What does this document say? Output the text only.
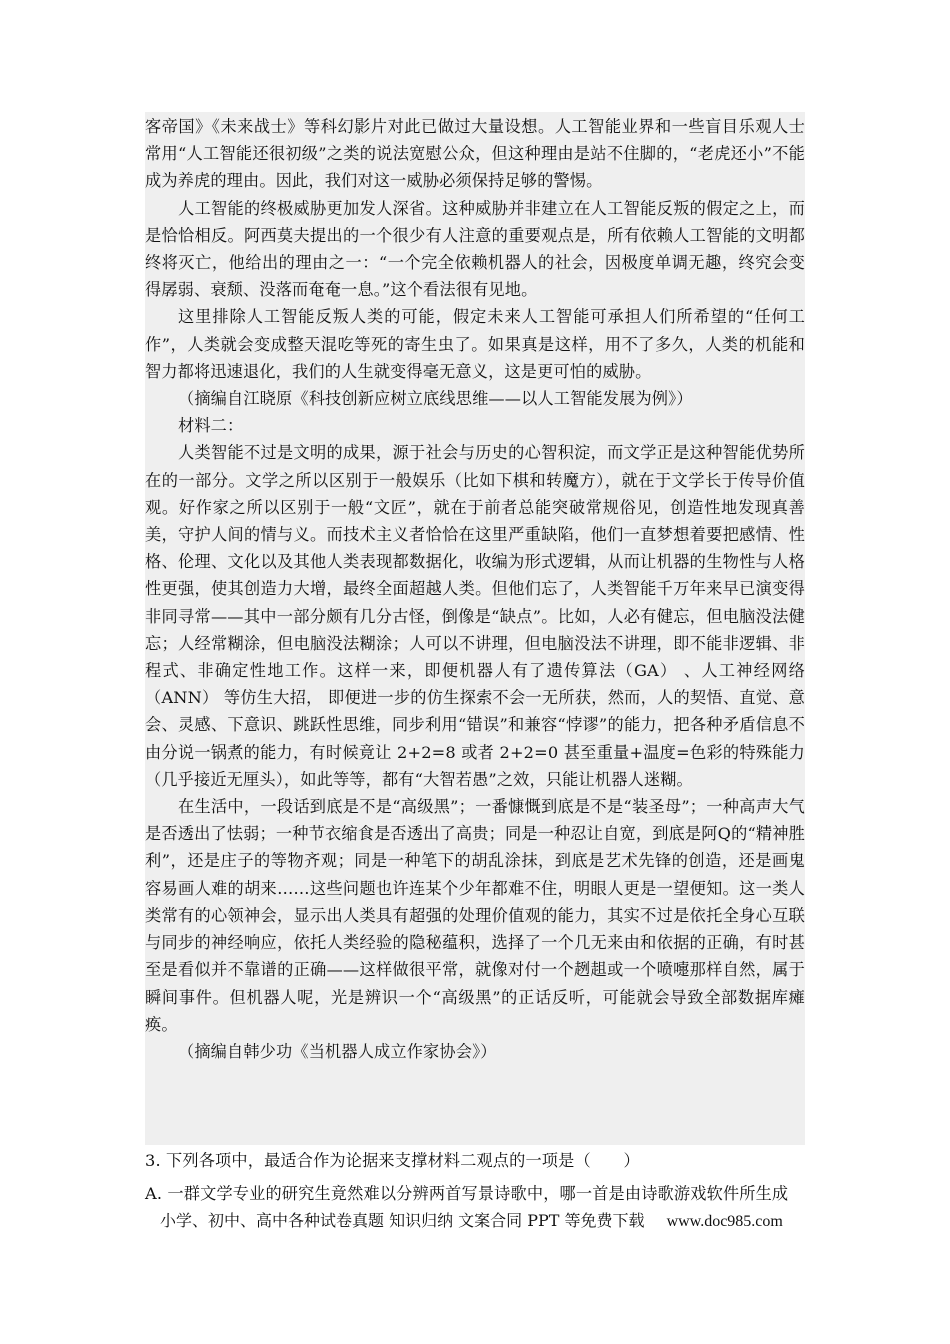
客帝国》《未来战士》等科幻影片对此已做过大量设想。人工智能业界和一些盲目乐观人士常用“人工智能还很初级”之类的说法宽慰公众，但这种理由是站不住脚的，“老虎还小”不能成为养虎的理由。因此，我们对这一威胁必须保持足够的警惕。

人工智能的终极威胁更加发人深省。这种威胁并非建立在人工智能反叛的假定之上，而是恰恰相反。阿西莫夫提出的一个很少有人注意的重要观点是，所有依赖人工智能的文明都终将灭亡，他给出的理由之一：“一个完全依赖机器人的社会，因极度单调无趣，终究会变得孱弱、衰颓、没落而奄奄一息。”这个看法很有见地。

这里排除人工智能反叛人类的可能，假定未来人工智能可承担人们所希望的“任何工作”，人类就会变成整天混吃等死的寄生虫了。如果真是这样，用不了多久，人类的机能和智力都将迅速退化，我们的人生就变得毫无意义，这是更可怕的威胁。

（摘编自江晓原《科技创新应树立底线思维——以人工智能发展为例》）

材料二：

人类智能不过是文明的成果，源于社会与历史的心智积淀，而文学正是这种智能优势所在的一部分。文学之所以区别于一般娱乐（比如下棋和转魔方），就在于文学长于传导价值观。好作家之所以区别于一般“文匠”，就在于前者总能突破常规俗见，创造性地发现真善美，守护人间的情与义。而技术主义者恰恰在这里严重缺陷，他们一直梦想着要把感情、性格、伦理、文化以及其他人类表现都数据化，收编为形式逻辑，从而让机器的生物性与人格性更强，使其创造力大增，最终全面超越人类。但他们忘了，人类智能千万年来早已演变得非同寻常——其中一部分颇有几分古怪，倒像是“缺点”。比如，人必有健忘，但电脑没法健忘；人经常糊涂，但电脑没法糊涂；人可以不讲理，但电脑没法不讲理，即不能非逻辑、非程式、非确定性地工作。这样一来，即便机器人有了遗传算法（GA） 、人工神经网络（ANN） 等仿生大招， 即便进一步的仿生探索不会一无所获，然而，人的契悟、直觉、意会、灵感、下意识、跳跃性思维，同步利用“错误”和兼容“悖谬”的能力，把各种矛盾信息不由分说一锅煮的能力，有时候竟让 2+2=8 或者 2+2=0 甚至重量+温度=色彩的特殊能力（几乎接近无厘头），如此等等，都有“大智若愚”之效，只能让机器人迷糊。

在生活中，一段话到底是不是“高级黑”；一番慷慨到底是不是“装圣母”；一种高声大气是否透出了怯弱；一种节衣缩食是否透出了高贵；同是一种忍让自宽，到底是阿Q的“精神胜利”，还是庄子的等物齐观；同是一种笔下的胡乱涂抹，到底是艺术先锋的创造，还是画鬼容易画人难的胡来……这些问题也许连某个少年都难不住，明眼人更是一望便知。这一类人类常有的心领神会，显示出人类具有超强的处理价值观的能力，其实不过是依托全身心互联与同步的神经响应，依托人类经验的隐秘蕴积，选择了一个几无来由和依据的正确，有时甚至是看似并不靠谱的正确——这样做很平常，就像对付一个趔趄或一个喷嚏那样自然，属于瞬间事件。但机器人呢，光是辨识一个“高级黑”的正话反听，可能就会导致全部数据库瘫痪。

（摘编自韩少功《当机器人成立作家协会》）

3. 下列各项中，最适合作为论据来支撑材料二观点的一项是（　　）

A. 一群文学专业的研究生竟然难以分辨两首写景诗歌中，哪一首是由诗歌游戏软件所生成

小学、初中、高中各种试卷真题 知识归纳 文案合同 PPT 等免费下载 www.doc985.com
